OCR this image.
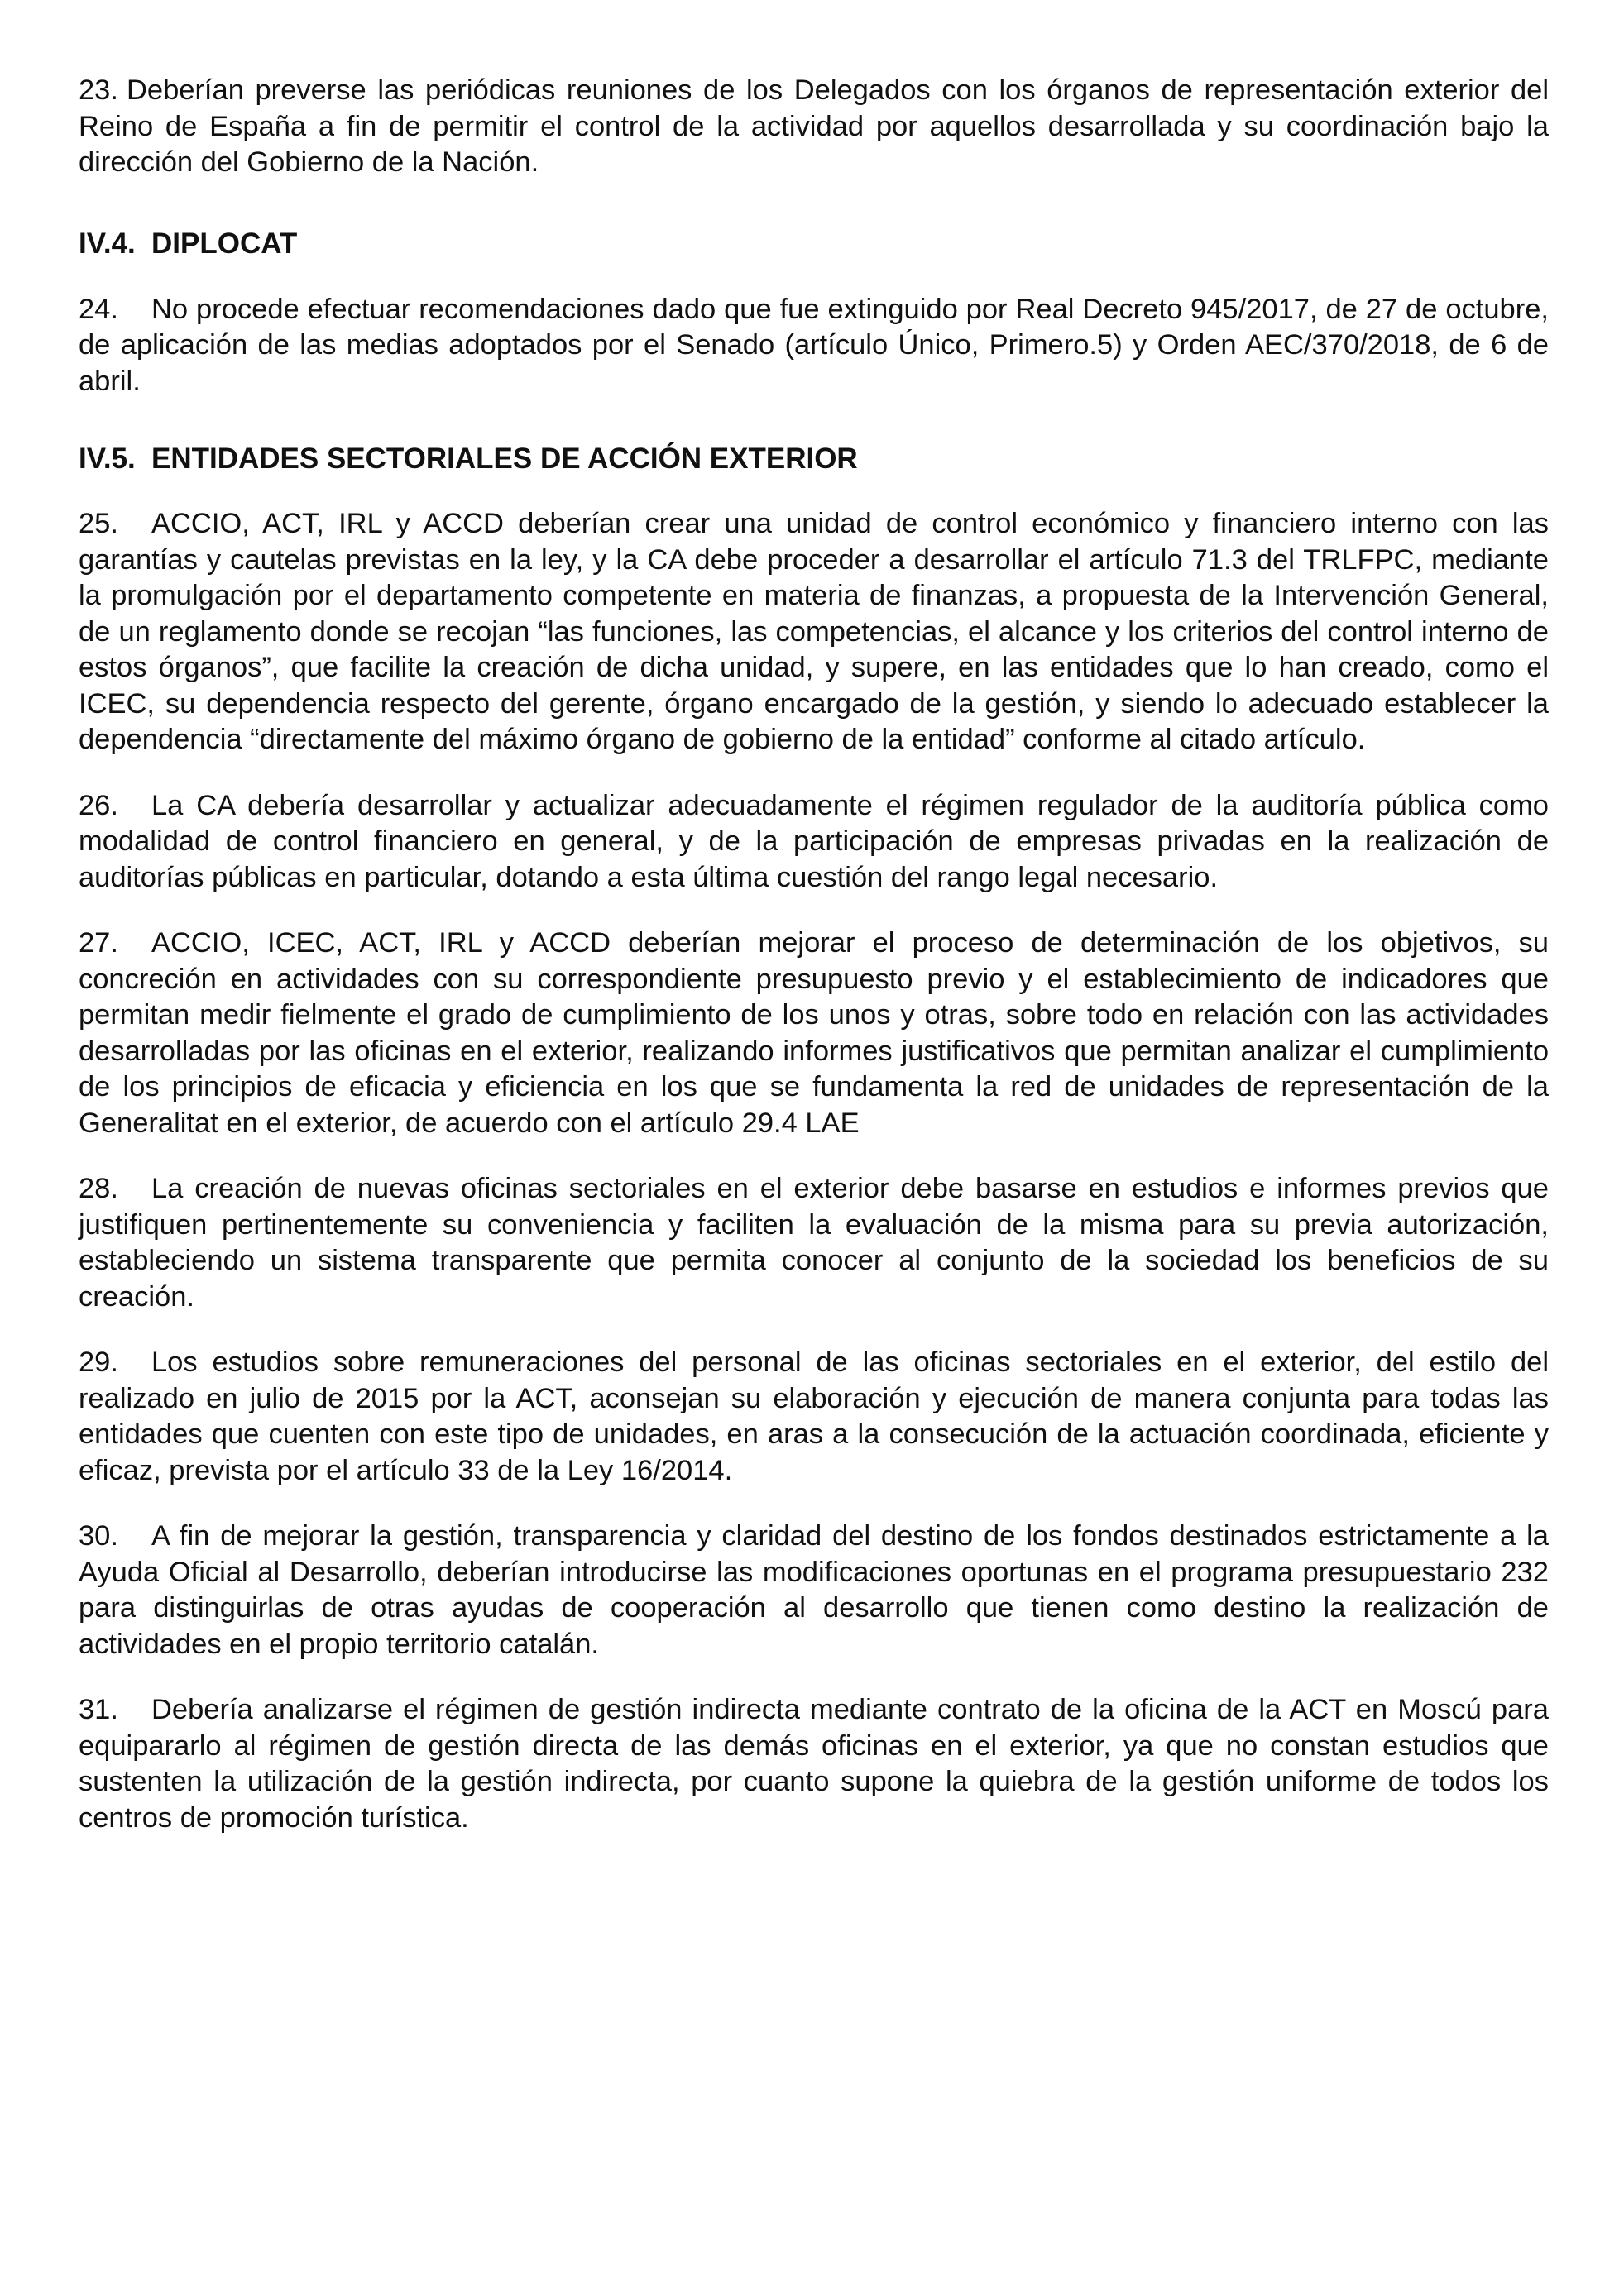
23. Deberían preverse las periódicas reuniones de los Delegados con los órganos de representación exterior del Reino de España a fin de permitir el control de la actividad por aquellos desarrollada y su coordinación bajo la dirección del Gobierno de la Nación.

IV.4. DIPLOCAT

24. No procede efectuar recomendaciones dado que fue extinguido por Real Decreto 945/2017, de 27 de octubre, de aplicación de las medias adoptados por el Senado (artículo Único, Primero.5) y Orden AEC/370/2018, de 6 de abril.

IV.5. ENTIDADES SECTORIALES DE ACCIÓN EXTERIOR

25. ACCIO, ACT, IRL y ACCD deberían crear una unidad de control económico y financiero interno con las garantías y cautelas previstas en la ley, y la CA debe proceder a desarrollar el artículo 71.3 del TRLFPC, mediante la promulgación por el departamento competente en materia de finanzas, a propuesta de la Intervención General, de un reglamento donde se recojan “las funciones, las competencias, el alcance y los criterios del control interno de estos órganos”, que facilite la creación de dicha unidad, y supere, en las entidades que lo han creado, como el ICEC, su dependencia respecto del gerente, órgano encargado de la gestión, y siendo lo adecuado establecer la dependencia “directamente del máximo órgano de gobierno de la entidad” conforme al citado artículo.

26. La CA debería desarrollar y actualizar adecuadamente el régimen regulador de la auditoría pública como modalidad de control financiero en general, y de la participación de empresas privadas en la realización de auditorías públicas en particular, dotando a esta última cuestión del rango legal necesario.

27. ACCIO, ICEC, ACT, IRL y ACCD deberían mejorar el proceso de determinación de los objetivos, su concreción en actividades con su correspondiente presupuesto previo y el establecimiento de indicadores que permitan medir fielmente el grado de cumplimiento de los unos y otras, sobre todo en relación con las actividades desarrolladas por las oficinas en el exterior, realizando informes justificativos que permitan analizar el cumplimiento de los principios de eficacia y eficiencia en los que se fundamenta la red de unidades de representación de la Generalitat en el exterior, de acuerdo con el artículo 29.4 LAE

28. La creación de nuevas oficinas sectoriales en el exterior debe basarse en estudios e informes previos que justifiquen pertinentemente su conveniencia y faciliten la evaluación de la misma para su previa autorización, estableciendo un sistema transparente que permita conocer al conjunto de la sociedad los beneficios de su creación.

29. Los estudios sobre remuneraciones del personal de las oficinas sectoriales en el exterior, del estilo del realizado en julio de 2015 por la ACT, aconsejan su elaboración y ejecución de manera conjunta para todas las entidades que cuenten con este tipo de unidades, en aras a la consecución de la actuación coordinada, eficiente y eficaz, prevista por el artículo 33 de la Ley 16/2014.

30. A fin de mejorar la gestión, transparencia y claridad del destino de los fondos destinados estrictamente a la Ayuda Oficial al Desarrollo, deberían introducirse las modificaciones oportunas en el programa presupuestario 232 para distinguirlas de otras ayudas de cooperación al desarrollo que tienen como destino la realización de actividades en el propio territorio catalán.

31. Debería analizarse el régimen de gestión indirecta mediante contrato de la oficina de la ACT en Moscú para equipararlo al régimen de gestión directa de las demás oficinas en el exterior, ya que no constan estudios que sustenten la utilización de la gestión indirecta, por cuanto supone la quiebra de la gestión uniforme de todos los centros de promoción turística.
